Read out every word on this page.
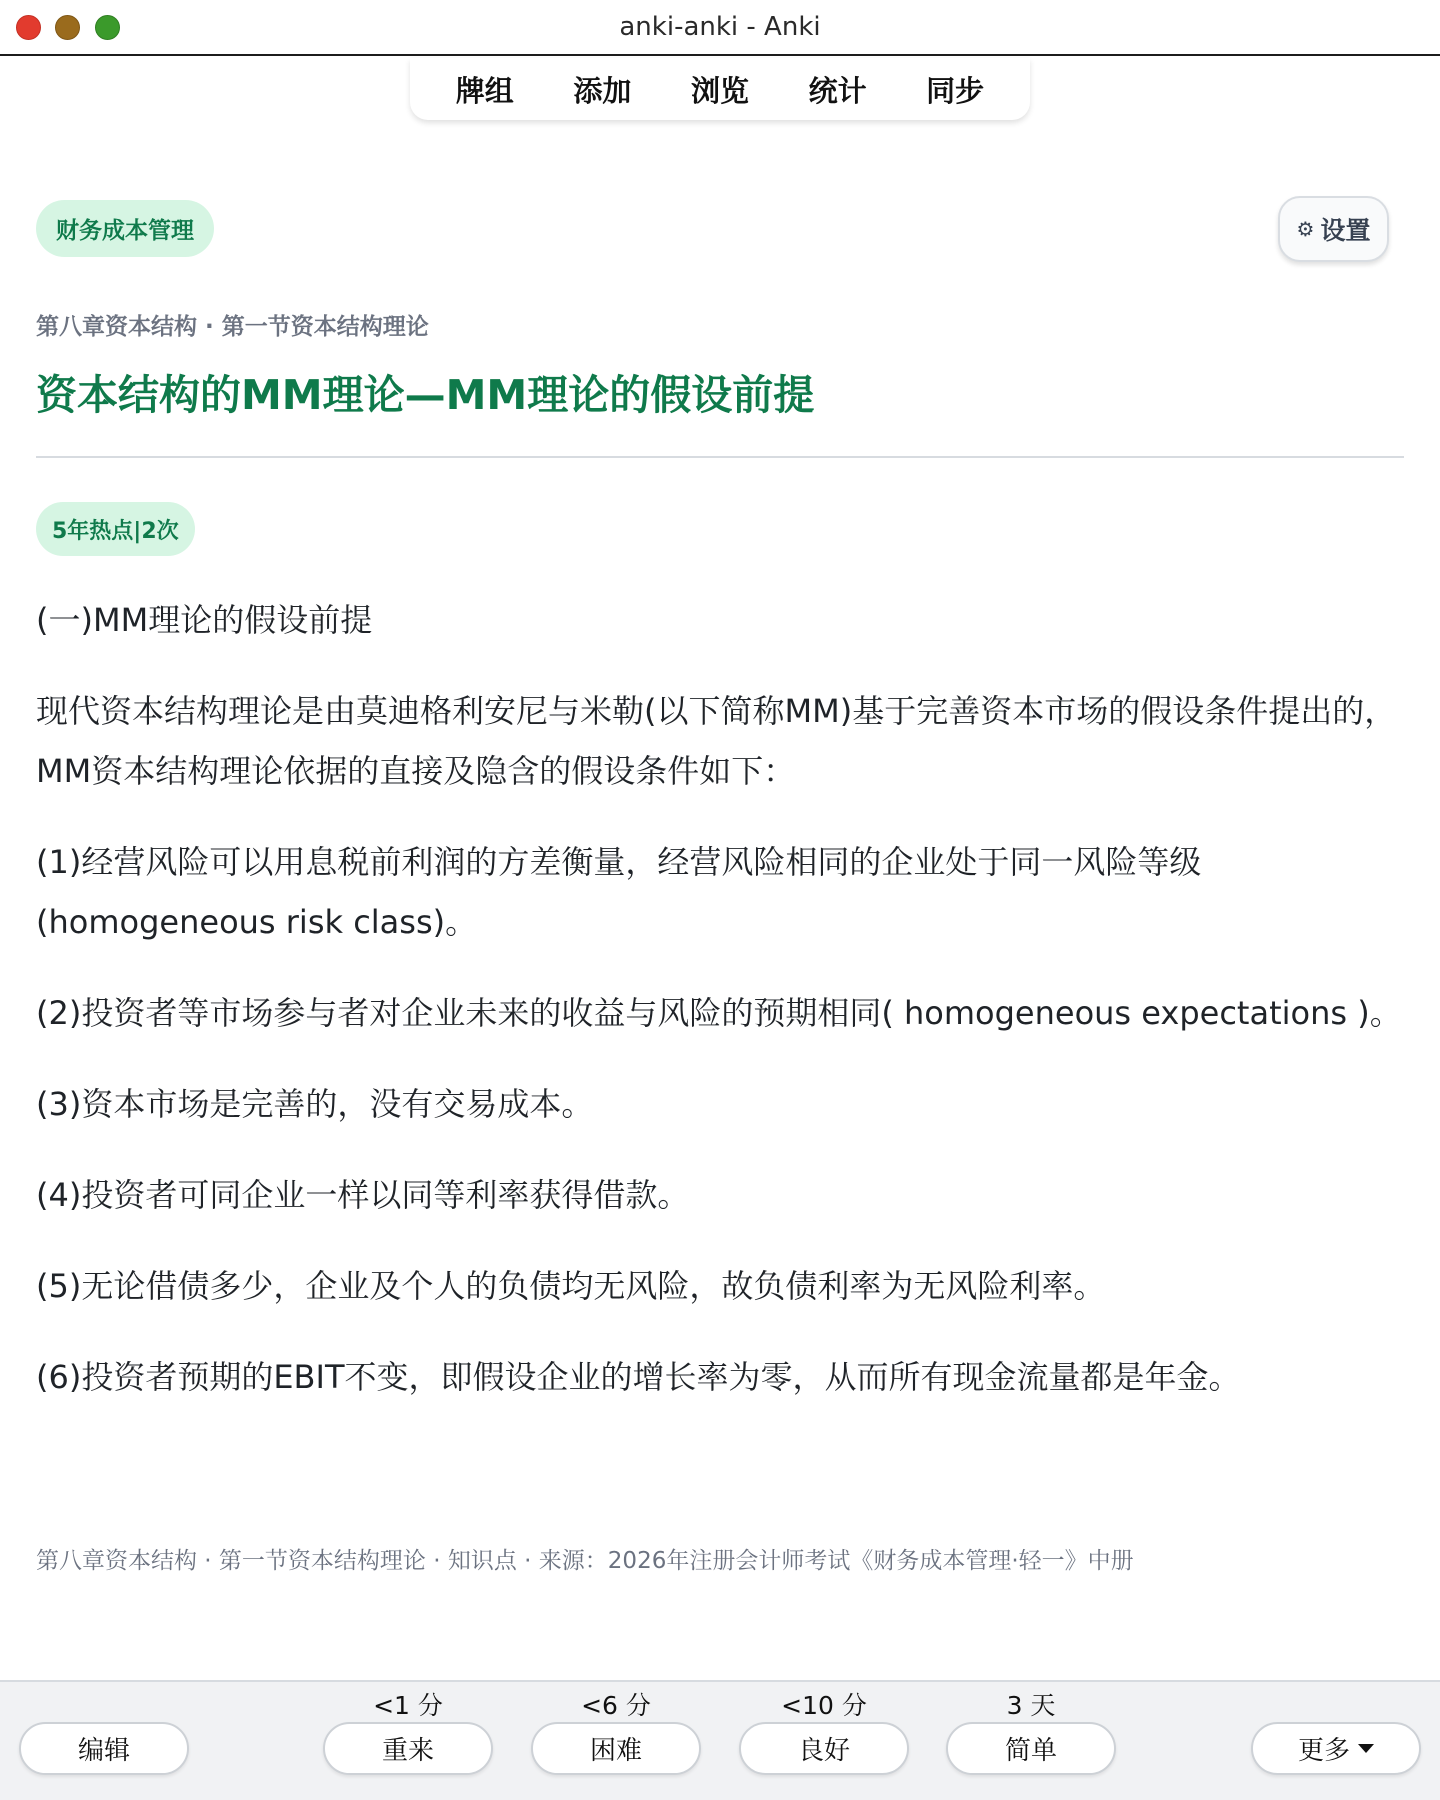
anki-anki - Anki
牌组	添加	浏览	统计	同步
财务成本管理	⚙ 设置
第八章资本结构 · 第一节资本结构理论
资本结构的MM理论—MM理论的假设前提
5年热点|2次

(一)MM理论的假设前提

现代资本结构理论是由莫迪格利安尼与米勒(以下简称MM)基于完善资本市场的假设条件提出的，MM资本结构理论依据的直接及隐含的假设条件如下：

(1)经营风险可以用息税前利润的方差衡量，经营风险相同的企业处于同一风险等级(homogeneous risk class)。

(2)投资者等市场参与者对企业未来的收益与风险的预期相同( homogeneous expectations )。

(3)资本市场是完善的，没有交易成本。

(4)投资者可同企业一样以同等利率获得借款。

(5)无论借债多少，企业及个人的负债均无风险，故负债利率为无风险利率。

(6)投资者预期的EBIT不变，即假设企业的增长率为零，从而所有现金流量都是年金。

第八章资本结构 · 第一节资本结构理论 · 知识点 · 来源：2026年注册会计师考试《财务成本管理·轻一》中册
<1 分	<6 分	<10 分	3 天
编辑	重来	困难	良好	简单	更多
